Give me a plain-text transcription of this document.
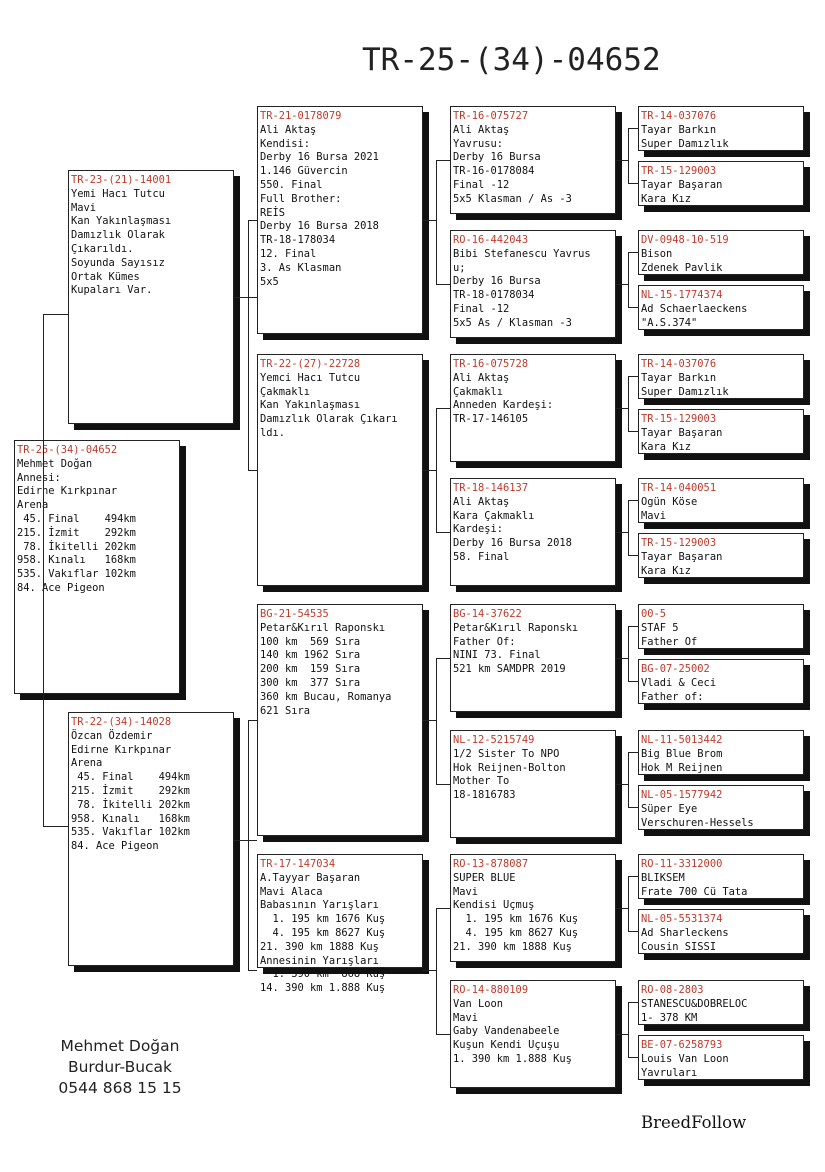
TR-25-(34)-04652
TR-25-(34)-04652
Mehmet Doğan
Annesi:
Edirne Kırkpınar
Arena
45. Final    494km
215. İzmit    292km
78. İkitelli 202km
958. Kınalı   168km
535. Vakıflar 102km
84. Ace Pigeon
TR-23-(21)-14001
Yemi Hacı Tutcu
Mavi
Kan Yakınlaşması
Damızlık Olarak
Çıkarıldı.
Soyunda Sayısız
Ortak Kümes
Kupaları Var.
TR-22-(34)-14028
Özcan Özdemir
Edirne Kırkpınar
Arena
45. Final    494km
215. İzmit    292km
78. İkitelli 202km
958. Kınalı   168km
535. Vakıflar 102km
84. Ace Pigeon
TR-21-0178079
Ali Aktaş
Kendisi:
Derby 16 Bursa 2021
1.146 Güvercin
550. Final
Full Brother:
REİS
Derby 16 Bursa 2018
TR-18-178034
12. Final
3. As Klasman
5x5
TR-22-(27)-22728
Yemci Hacı Tutcu
Çakmaklı
Kan Yakınlaşması
Damızlık Olarak Çıkarı
ldı.
BG-21-54535
Petar&Kırıl Raponskı
100 km  569 Sıra
140 km 1962 Sıra
200 km  159 Sıra
300 km  377 Sıra
360 km Bucau, Romanya
621 Sıra
TR-17-147034
A.Tayyar Başaran
Mavi Alaca
Babasının Yarışları
1. 195 km 1676 Kuş
4. 195 km 8627 Kuş
21. 390 km 1888 Kuş
Annesinin Yarışları
1. 390 km  868 Kuş
14. 390 km 1.888 Kuş
TR-16-075727
Ali Aktaş
Yavrusu:
Derby 16 Bursa
TR-16-0178084
Final -12
5x5 Klasman / As -3
RO-16-442043
Bibi Stefanescu Yavrus
u;
Derby 16 Bursa
TR-18-0178034
Final -12
5x5 As / Klasman -3
TR-16-075728
Ali Aktaş
Çakmaklı
Anneden Kardeşi:
TR-17-146105
TR-18-146137
Ali Aktaş
Kara Çakmaklı
Kardeşi:
Derby 16 Bursa 2018
58. Final
BG-14-37622
Petar&Kırıl Raponskı
Father Of:
NINI 73. Final
521 km SAMDPR 2019
NL-12-5215749
1/2 Sister To NPO
Hok Reijnen-Bolton
Mother To
18-1816783
RO-13-878087
SUPER BLUE
Mavi
Kendisi Uçmuş
1. 195 km 1676 Kuş
4. 195 km 8627 Kuş
21. 390 km 1888 Kuş
RO-14-880109
Van Loon
Mavi
Gaby Vandenabeele
Kuşun Kendi Uçuşu
1. 390 km 1.888 Kuş
TR-14-037076
Tayar Barkın
Super Damızlık
TR-15-129003
Tayar Başaran
Kara Kız
DV-0948-10-519
Bison
Zdenek Pavlik
NL-15-1774374
Ad Schaerlaeckens
"A.S.374"
TR-14-037076
Tayar Barkın
Super Damızlık
TR-15-129003
Tayar Başaran
Kara Kız
TR-14-040051
Ogün Köse
Mavi
TR-15-129003
Tayar Başaran
Kara Kız
00-5
STAF 5
Father Of
BG-07-25002
Vladi & Ceci
Father of:
NL-11-5013442
Big Blue Brom
Hok M Reijnen
NL-05-1577942
Süper Eye
Verschuren-Hessels
RO-11-3312000
BLIKSEM
Frate 700 Cü Tata
NL-05-5531374
Ad Sharleckens
Cousin SISSI
RO-08-2803
STANESCU&DOBRELOC
1- 378 KM
BE-07-6258793
Louis Van Loon
Yavruları
Mehmet Doğan
Burdur-Bucak
0544 868 15 15
BreedFollow
